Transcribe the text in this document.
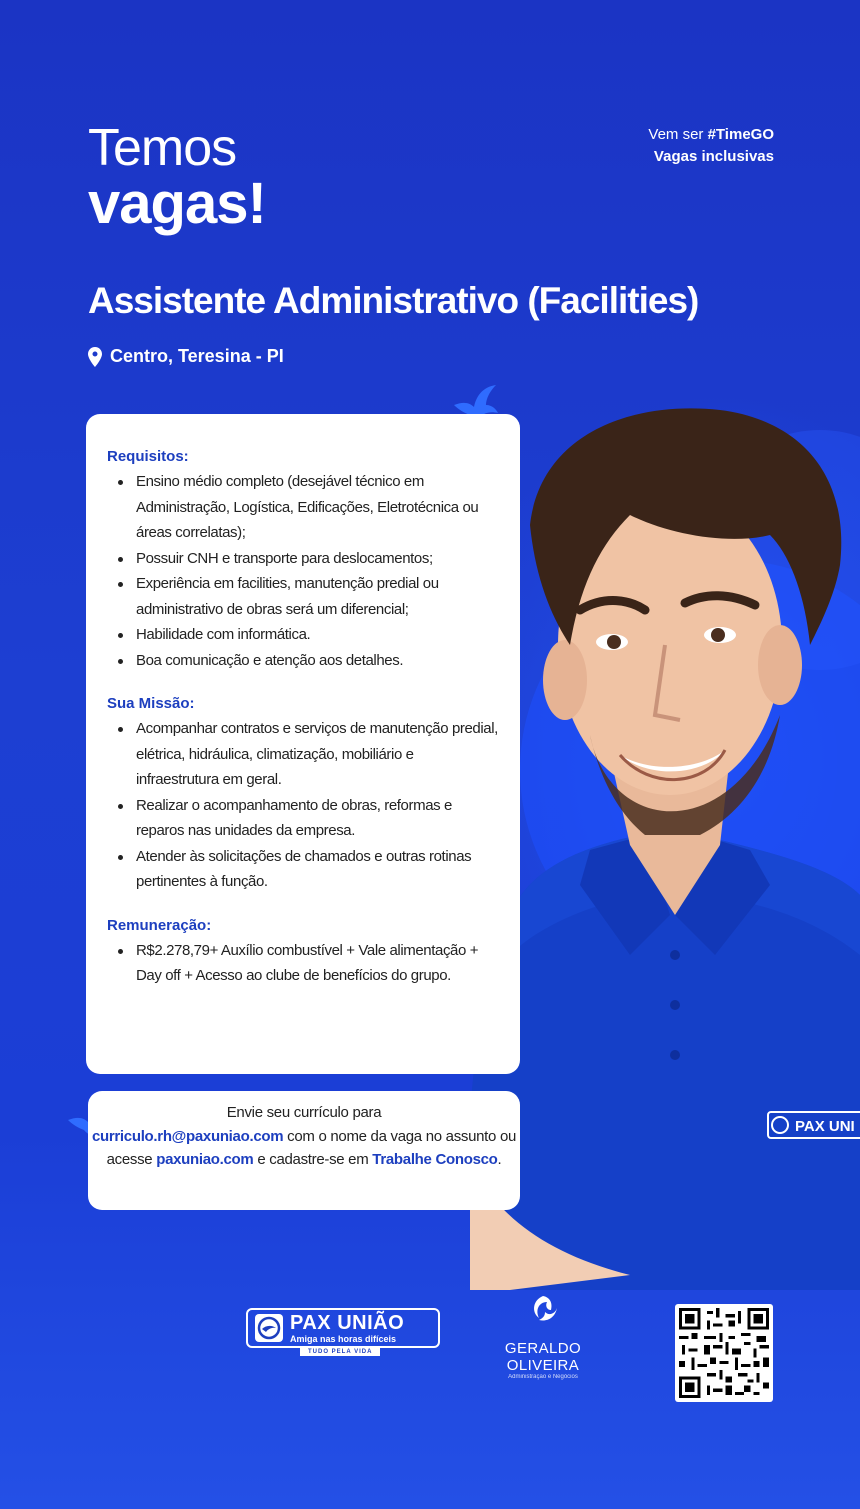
Temos
vagas!
Vem ser #TimeGO
Vagas inclusivas
Assistente Administrativo (Facilities)
Centro, Teresina - PI
PAX UNI
Requisitos:
Ensino médio completo (desejável técnico em Administração, Logística, Edificações, Eletrotécnica ou áreas correlatas);
Possuir CNH e transporte para deslocamentos;
Experiência em facilities, manutenção predial ou administrativo de obras será um diferencial;
Habilidade com informática.
Boa comunicação e atenção aos detalhes.
Sua Missão:
Acompanhar contratos e serviços de manutenção predial, elétrica, hidráulica, climatização, mobiliário e infraestrutura em geral.
Realizar o acompanhamento de obras, reformas e reparos nas unidades da empresa.
Atender às solicitações de chamados e outras rotinas pertinentes à função.
Remuneração:
R$2.278,79+ Auxílio combustível + Vale alimentação + Day off + Acesso ao clube de benefícios do grupo.
Envie seu currículo para
curriculo.rh@paxuniao.com com o nome da vaga no assunto ou acesse paxuniao.com e cadastre-se em Trabalhe Conosco.
PAX UNIÃO
Amiga nas horas difíceis
TUDO PELA VIDA	GERALDO OLIVEIRA
Administração e Negócios
